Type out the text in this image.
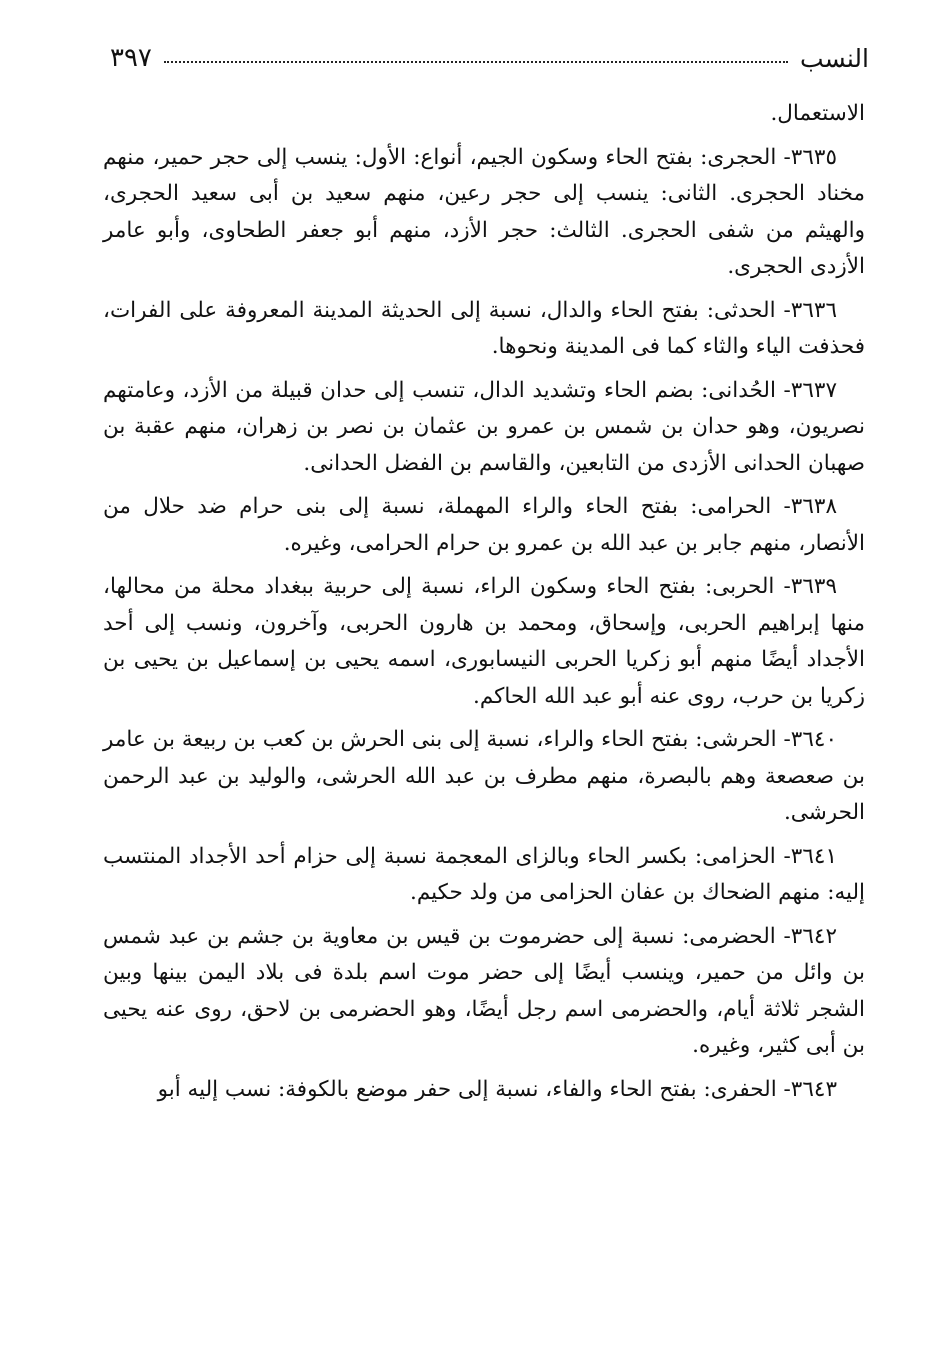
النسب
٣٩٧

الاستعمال.

٣٦٣٥- الحجرى: بفتح الحاء وسكون الجيم، أنواع: الأول: ينسب إلى حجر حمير، منهم مخناد الحجرى. الثانى: ينسب إلى حجر رعين، منهم سعيد بن أبى سعيد الحجرى، والهيثم من شفى الحجرى. الثالث: حجر الأزد، منهم أبو جعفر الطحاوى، وأبو عامر الأزدى الحجرى.

٣٦٣٦- الحدثى: بفتح الحاء والدال، نسبة إلى الحديثة المدينة المعروفة على الفرات، فحذفت الياء والثاء كما فى المدينة ونحوها.

٣٦٣٧- الحُدانى: بضم الحاء وتشديد الدال، تنسب إلى حدان قبيلة من الأزد، وعامتهم نصريون، وهو حدان بن شمس بن عمرو بن عثمان بن نصر بن زهران، منهم عقبة بن صهبان الحدانى الأزدى من التابعين، والقاسم بن الفضل الحدانى.

٣٦٣٨- الحرامى: بفتح الحاء والراء المهملة، نسبة إلى بنى حرام ضد حلال من الأنصار، منهم جابر بن عبد الله بن عمرو بن حرام الحرامى، وغيره.

٣٦٣٩- الحربى: بفتح الحاء وسكون الراء، نسبة إلى حربية ببغداد محلة من محالها، منها إبراهيم الحربى، وإسحاق، ومحمد بن هارون الحربى، وآخرون، ونسب إلى أحد الأجداد أيضًا منهم أبو زكريا الحربى النيسابورى، اسمه يحيى بن إسماعيل بن يحيى بن زكريا بن حرب، روى عنه أبو عبد الله الحاكم.

٣٦٤٠- الحرشى: بفتح الحاء والراء، نسبة إلى بنى الحرش بن كعب بن ربيعة بن عامر بن صعصعة وهم بالبصرة، منهم مطرف بن عبد الله الحرشى، والوليد بن عبد الرحمن الحرشى.

٣٦٤١- الحزامى: بكسر الحاء وبالزاى المعجمة نسبة إلى حزام أحد الأجداد المنتسب إليه: منهم الضحاك بن عفان الحزامى من ولد حكيم.

٣٦٤٢- الحضرمى: نسبة إلى حضرموت بن قيس بن معاوية بن جشم بن عبد شمس بن وائل من حمير، وينسب أيضًا إلى حضر موت اسم بلدة فى بلاد اليمن بينها وبين الشجر ثلاثة أيام، والحضرمى اسم رجل أيضًا، وهو الحضرمى بن لاحق، روى عنه يحيى بن أبى كثير، وغيره.

٣٦٤٣- الحفرى: بفتح الحاء والفاء، نسبة إلى حفر موضع بالكوفة: نسب إليه أبو
